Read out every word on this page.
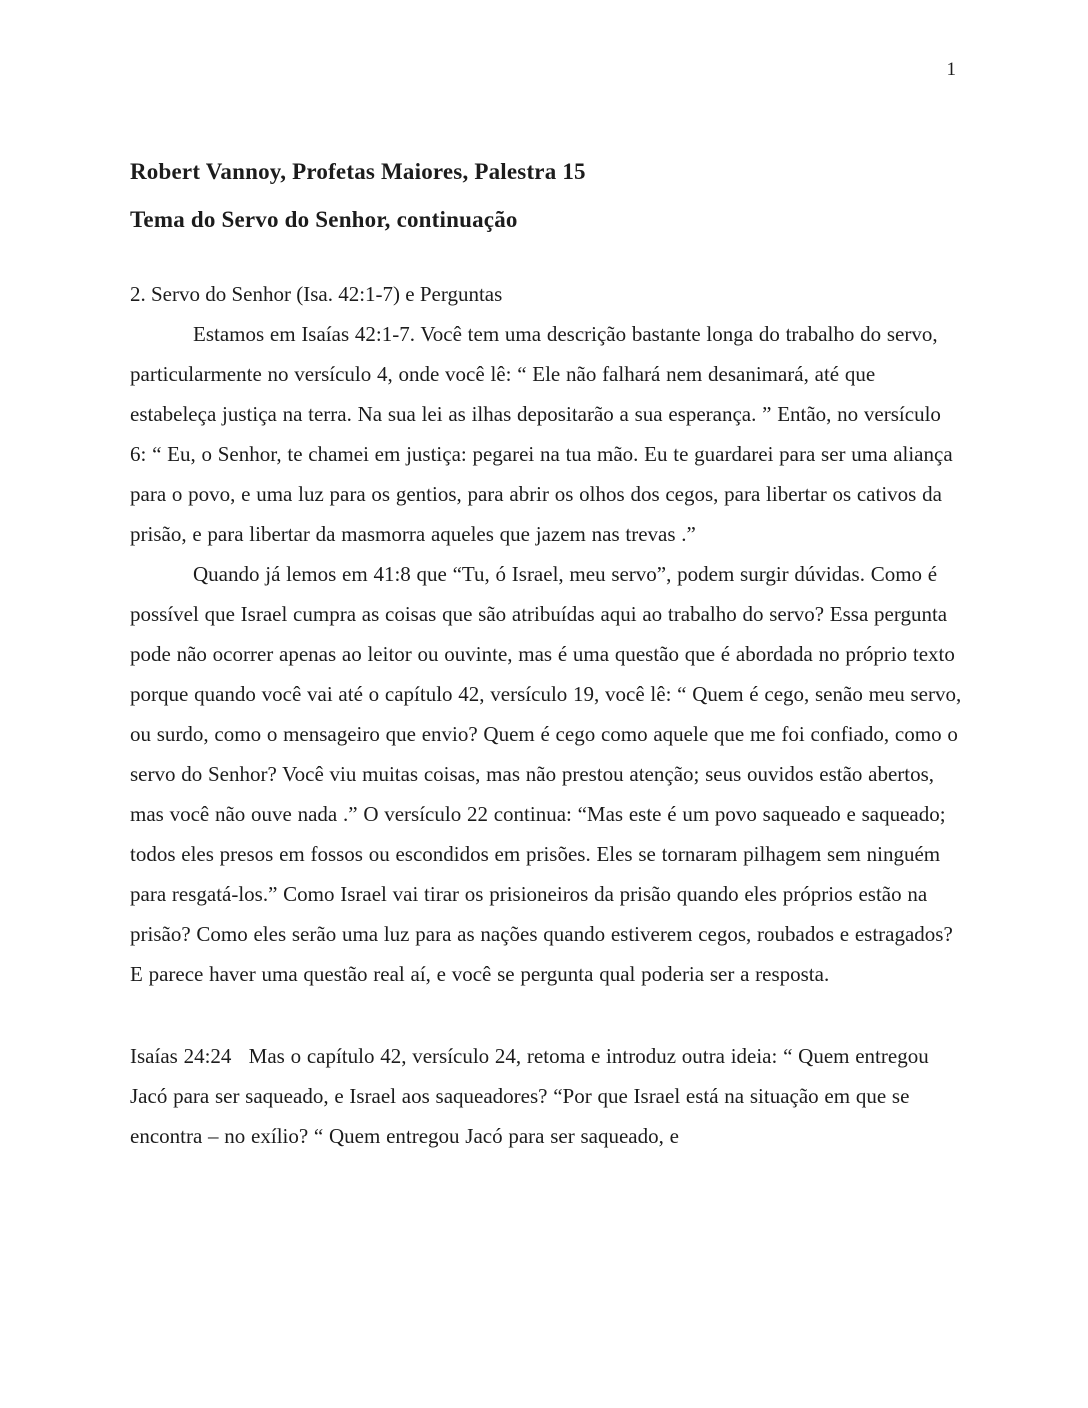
1
Robert Vannoy, Profetas Maiores, Palestra 15
Tema do Servo do Senhor, continuação

2. Servo do Senhor (Isa. 42:1-7) e Perguntas

Estamos em Isaías 42:1-7. Você tem uma descrição bastante longa do trabalho do servo, particularmente no versículo 4, onde você lê: “ Ele não falhará nem desanimará, até que estabeleça justiça na terra. Na sua lei as ilhas depositarão a sua esperança. ” Então, no versículo 6: “ Eu, o Senhor, te chamei em justiça: pegarei na tua mão. Eu te guardarei para ser uma aliança para o povo, e uma luz para os gentios, para abrir os olhos dos cegos, para libertar os cativos da prisão, e para libertar da masmorra aqueles que jazem nas trevas .”

Quando já lemos em 41:8 que “Tu, ó Israel, meu servo”, podem surgir dúvidas. Como é possível que Israel cumpra as coisas que são atribuídas aqui ao trabalho do servo? Essa pergunta pode não ocorrer apenas ao leitor ou ouvinte, mas é uma questão que é abordada no próprio texto porque quando você vai até o capítulo 42, versículo 19, você lê: “ Quem é cego, senão meu servo, ou surdo, como o mensageiro que envio? Quem é cego como aquele que me foi confiado, como o servo do Senhor? Você viu muitas coisas, mas não prestou atenção; seus ouvidos estão abertos, mas você não ouve nada .” O versículo 22 continua: “Mas este é um povo saqueado e saqueado; todos eles presos em fossos ou escondidos em prisões. Eles se tornaram pilhagem sem ninguém para resgatá-los.” Como Israel vai tirar os prisioneiros da prisão quando eles próprios estão na prisão? Como eles serão uma luz para as nações quando estiverem cegos, roubados e estragados? E parece haver uma questão real aí, e você se pergunta qual poderia ser a resposta.

Isaías 24:24   Mas o capítulo 42, versículo 24, retoma e introduz outra ideia: “ Quem entregou Jacó para ser saqueado, e Israel aos saqueadores? “Por que Israel está na situação em que se encontra – no exílio? “ Quem entregou Jacó para ser saqueado, e
